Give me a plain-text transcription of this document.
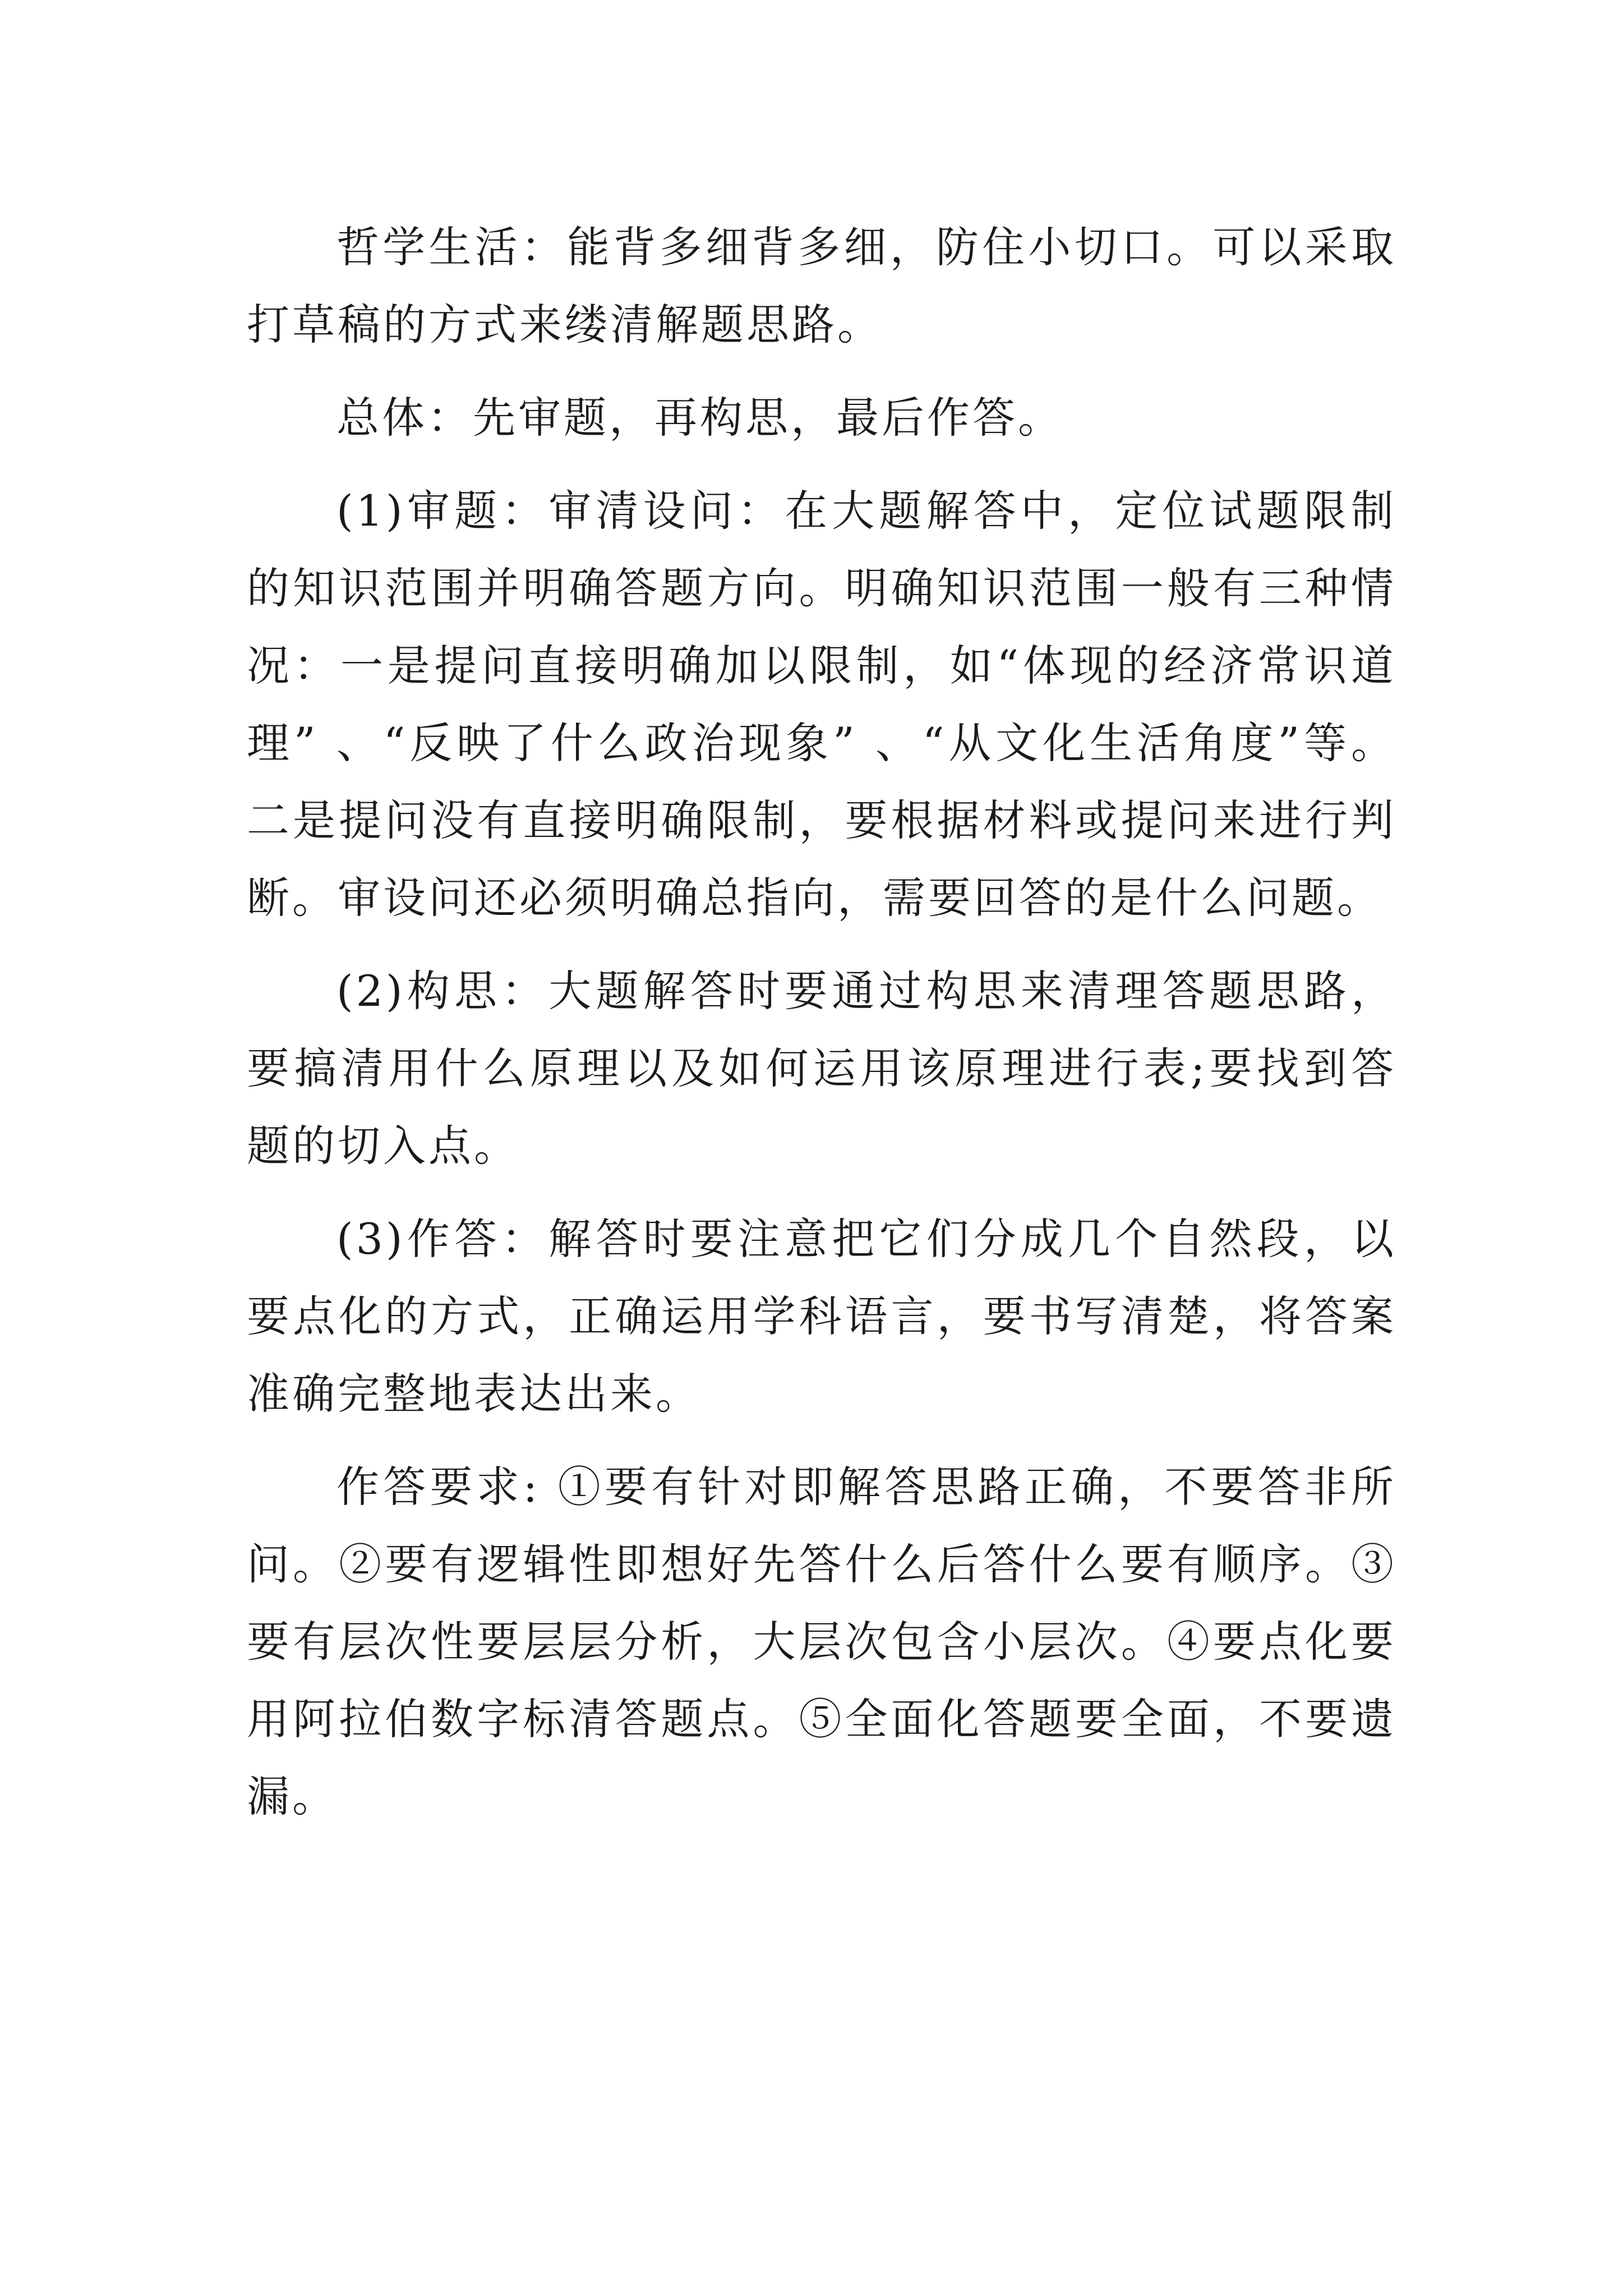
哲学生活：能背多细背多细，防住小切口。可以采取打草稿的方式来缕清解题思路。

总体：先审题，再构思，最后作答。

(1)审题：审清设问：在大题解答中，定位试题限制的知识范围并明确答题方向。明确知识范围一般有三种情况：一是提问直接明确加以限制，如“体现的经济常识道理” 、“反映了什么政治现象” 、“从文化生活角度”等。二是提问没有直接明确限制，要根据材料或提问来进行判断。审设问还必须明确总指向，需要回答的是什么问题。

(2)构思：大题解答时要通过构思来清理答题思路，要搞清用什么原理以及如何运用该原理进行表;要找到答题的切入点。

(3)作答：解答时要注意把它们分成几个自然段，以要点化的方式，正确运用学科语言，要书写清楚，将答案准确完整地表达出来。

作答要求: ①要有针对即解答思路正确，不要答非所问。②要有逻辑性即想好先答什么后答什么要有顺序。③要有层次性要层层分析，大层次包含小层次。④要点化要用阿拉伯数字标清答题点。⑤全面化答题要全面，不要遗漏。
